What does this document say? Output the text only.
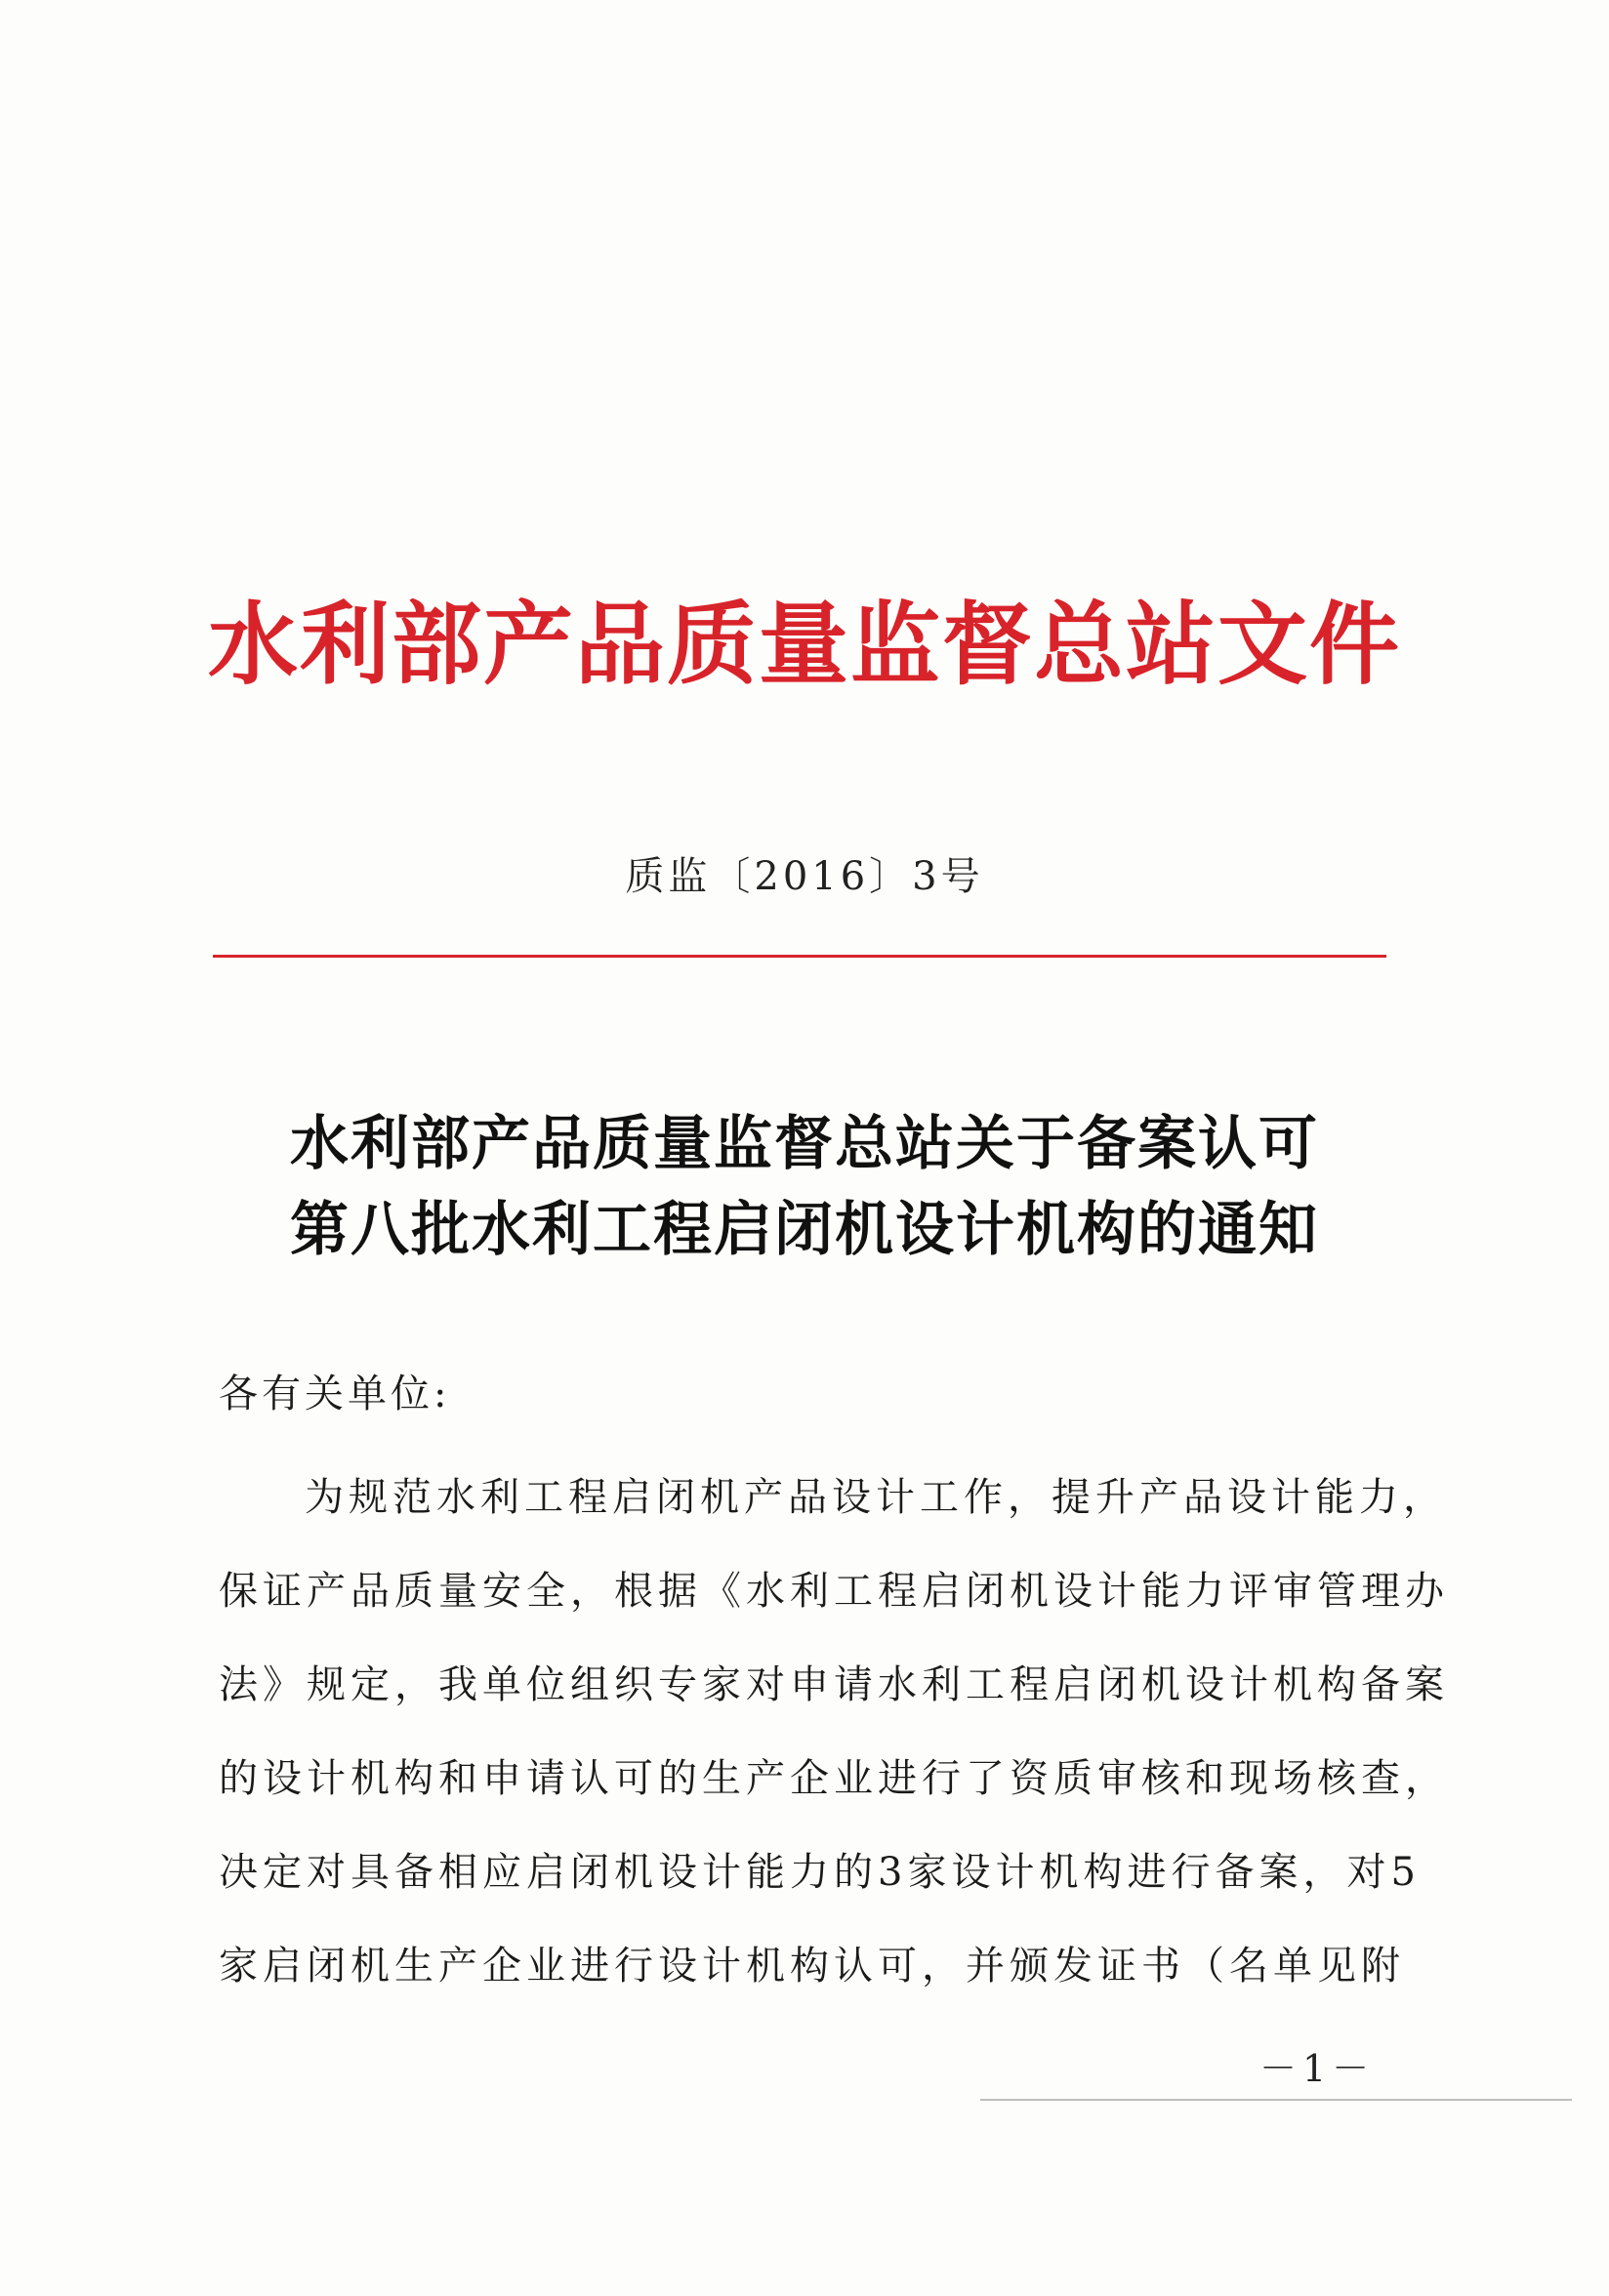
水利部产品质量监督总站文件
质监〔2016〕3号
水利部产品质量监督总站关于备案认可
第八批水利工程启闭机设计机构的通知
各有关单位:
为规范水利工程启闭机产品设计工作，提升产品设计能力，
保证产品质量安全，根据《水利工程启闭机设计能力评审管理办
法》规定，我单位组织专家对申请水利工程启闭机设计机构备案
的设计机构和申请认可的生产企业进行了资质审核和现场核查，
决定对具备相应启闭机设计能力的3家设计机构进行备案，对5
家启闭机生产企业进行设计机构认可，并颁发证书（名单见附
－1－
